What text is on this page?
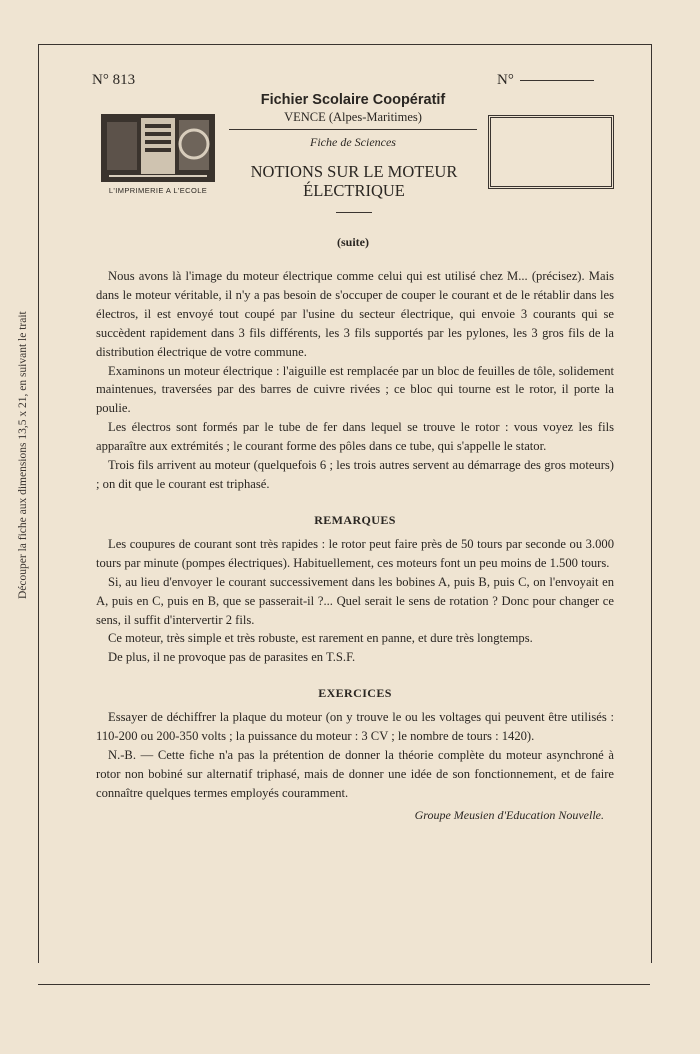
Découper la fiche aux dimensions 13,5 x 21, en suivant le trait
N° 813	N°
L'IMPRIMERIE A L'ECOLE
Fichier Scolaire Coopératif
VENCE (Alpes-Maritimes)
Fiche de Sciences
NOTIONS SUR LE MOTEUR
ÉLECTRIQUE
(suite)

Nous avons là l'image du moteur électrique comme celui qui est utilisé chez M... (précisez). Mais dans le moteur véritable, il n'y a pas besoin de s'occuper de couper le courant et de le rétablir dans les électros, il est envoyé tout coupé par l'usine du secteur électrique, qui envoie 3 courants qui se succèdent rapidement dans 3 fils différents, les 3 fils supportés par les pylones, les 3 gros fils de la distribution électrique de votre commune.

Examinons un moteur électrique : l'aiguille est remplacée par un bloc de feuilles de tôle, solidement maintenues, traversées par des barres de cuivre rivées ; ce bloc qui tourne est le rotor, il porte la poulie.

Les électros sont formés par le tube de fer dans lequel se trouve le rotor : vous voyez les fils apparaître aux extrémités ; le courant forme des pôles dans ce tube, qui s'appelle le stator.

Trois fils arrivent au moteur (quelquefois 6 ; les trois autres servent au démarrage des gros moteurs) ; on dit que le courant est triphasé.

REMARQUES

Les coupures de courant sont très rapides : le rotor peut faire près de 50 tours par seconde ou 3.000 tours par minute (pompes électriques). Habituellement, ces moteurs font un peu moins de 1.500 tours.

Si, au lieu d'envoyer le courant successivement dans les bobines A, puis B, puis C, on l'envoyait en A, puis en C, puis en B, que se passerait-il ?... Quel serait le sens de rotation ? Donc pour changer ce sens, il suffit d'intervertir 2 fils.

Ce moteur, très simple et très robuste, est rarement en panne, et dure très longtemps.

De plus, il ne provoque pas de parasites en T.S.F.

EXERCICES

Essayer de déchiffrer la plaque du moteur (on y trouve le ou les voltages qui peuvent être utilisés : 110-200 ou 200-350 volts ; la puissance du moteur : 3 CV ; le nombre de tours : 1420).

N.-B. — Cette fiche n'a pas la prétention de donner la théorie complète du moteur asynchroné à rotor non bobiné sur alternatif triphasé, mais de donner une idée de son fonctionnement, et de faire connaître quelques termes employés couramment.

Groupe Meusien d'Education Nouvelle.
